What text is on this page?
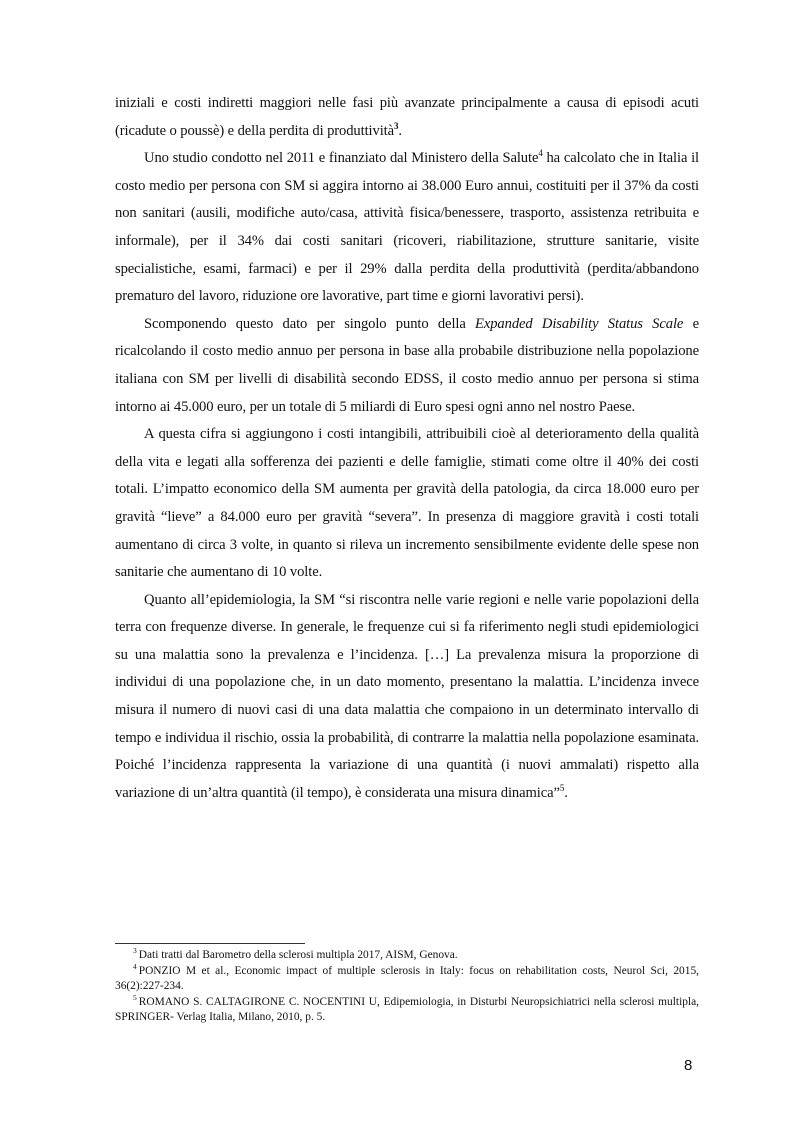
iniziali e costi indiretti maggiori nelle fasi più avanzate principalmente a causa di episodi acuti (ricadute o poussè) e della perdita di produttività$^3$.

Uno studio condotto nel 2011 e finanziato dal Ministero della Salute$^4$ ha calcolato che in Italia il costo medio per persona con SM si aggira intorno ai 38.000 Euro annui, costituiti per il 37% da costi non sanitari (ausili, modifiche auto/casa, attività fisica/benessere, trasporto, assistenza retribuita e informale), per il 34% dai costi sanitari (ricoveri, riabilitazione, strutture sanitarie, visite specialistiche, esami, farmaci) e per il 29% dalla perdita della produttività (perdita/abbandono prematuro del lavoro, riduzione ore lavorative, part time e giorni lavorativi persi).

Scomponendo questo dato per singolo punto della Expanded Disability Status Scale e ricalcolando il costo medio annuo per persona in base alla probabile distribuzione nella popolazione italiana con SM per livelli di disabilità secondo EDSS, il costo medio annuo per persona si stima intorno ai 45.000 euro, per un totale di 5 miliardi di Euro spesi ogni anno nel nostro Paese.

A questa cifra si aggiungono i costi intangibili, attribuibili cioè al deterioramento della qualità della vita e legati alla sofferenza dei pazienti e delle famiglie, stimati come oltre il 40% dei costi totali. L’impatto economico della SM aumenta per gravità della patologia, da circa 18.000 euro per gravità “lieve” a 84.000 euro per gravità “severa”. In presenza di maggiore gravità i costi totali aumentano di circa 3 volte, in quanto si rileva un incremento sensibilmente evidente delle spese non sanitarie che aumentano di 10 volte.

Quanto all’epidemiologia, la SM “si riscontra nelle varie regioni e nelle varie popolazioni della terra con frequenze diverse. In generale, le frequenze cui si fa riferimento negli studi epidemiologici su una malattia sono la prevalenza e l’incidenza. […] La prevalenza misura la proporzione di individui di una popolazione che, in un dato momento, presentano la malattia. L’incidenza invece misura il numero di nuovi casi di una data malattia che compaiono in un determinato intervallo di tempo e individua il rischio, ossia la probabilità, di contrarre la malattia nella popolazione esaminata. Poiché l’incidenza rappresenta la variazione di una quantità (i nuovi ammalati) rispetto alla variazione di un’altra quantità (il tempo), è considerata una misura dinamica”$^5$.

$^3$ Dati tratti dal Barometro della sclerosi multipla 2017, AISM, Genova.

$^4$ PONZIO M et al., Economic impact of multiple sclerosis in Italy: focus on rehabilitation costs, Neurol Sci, 2015, 36(2):227-234.

$^5$ ROMANO S. CALTAGIRONE C. NOCENTINI U, Edipemiologia, in Disturbi Neuropsichiatrici nella sclerosi multipla, SPRINGER- Verlag Italia, Milano, 2010, p. 5.

8
